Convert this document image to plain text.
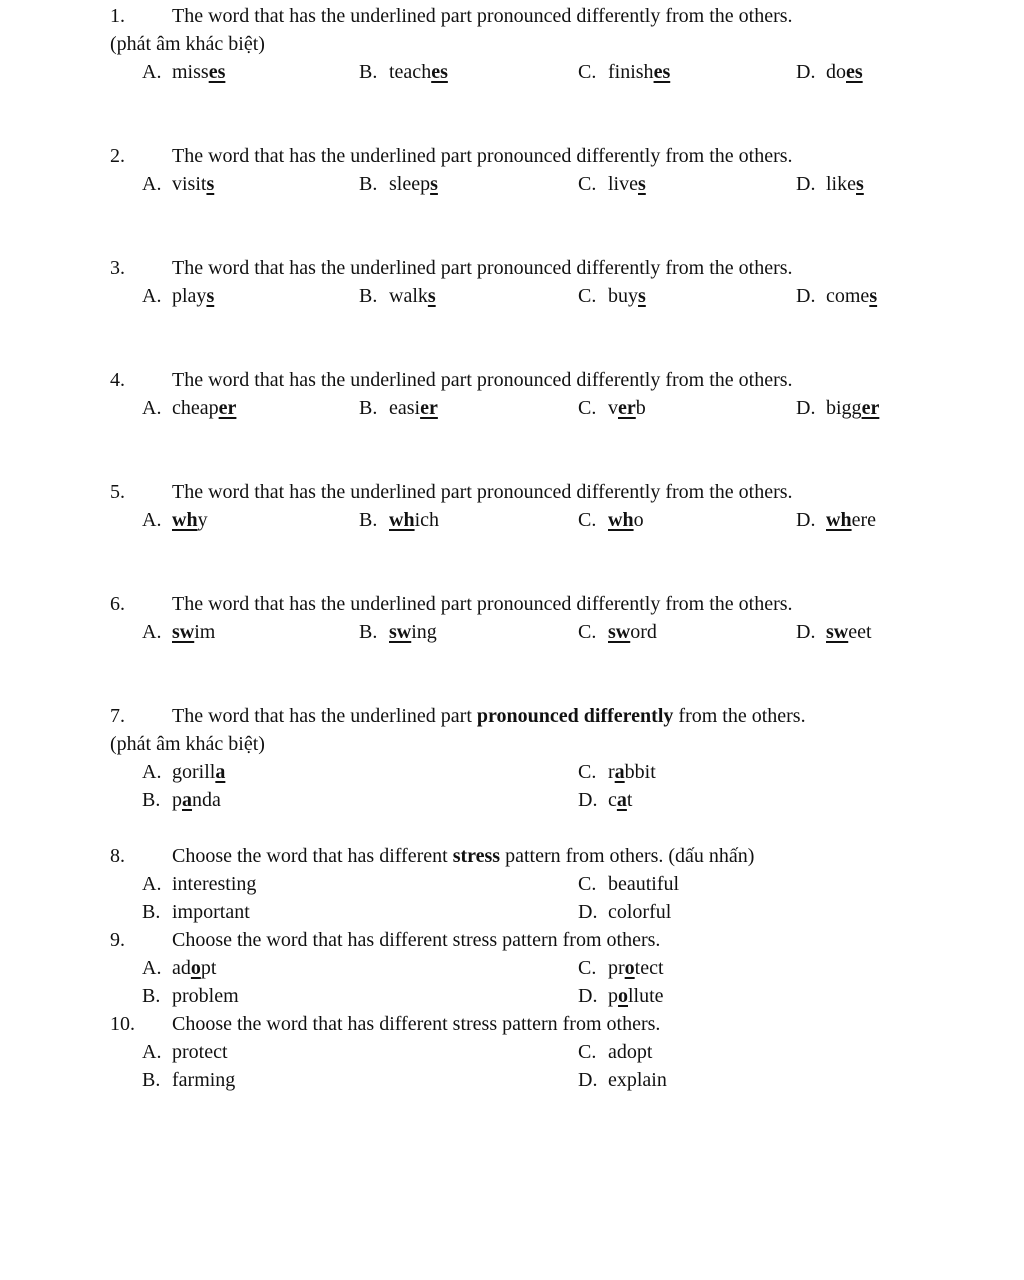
1. The word that has the underlined part pronounced differently from the others.
(phát âm khác biệt)
A. misses	B. teaches	C. finishes	D. does
2. The word that has the underlined part pronounced differently from the others.
A. visits	B. sleeps	C. lives	D. likes
3. The word that has the underlined part pronounced differently from the others.
A. plays	B. walks	C. buys	D. comes
4. The word that has the underlined part pronounced differently from the others.
A. cheaper	B. easier	C. verb	D. bigger
5. The word that has the underlined part pronounced differently from the others.
A. why	B. which	C. who	D. where
6. The word that has the underlined part pronounced differently from the others.
A. swim	B. swing	C. sword	D. sweet
7. The word that has the underlined part pronounced differently from the others.
(phát âm khác biệt)
A. gorilla	C. rabbit
B. panda	D. cat
8. Choose the word that has different stress pattern from others. (dấu nhấn)
A. interesting	C. beautiful
B. important	D. colorful
9. Choose the word that has different stress pattern from others.
A. adopt	C. protect
B. problem	D. pollute
10. Choose the word that has different stress pattern from others.
A. protect	C. adopt
B. farming	D. explain
